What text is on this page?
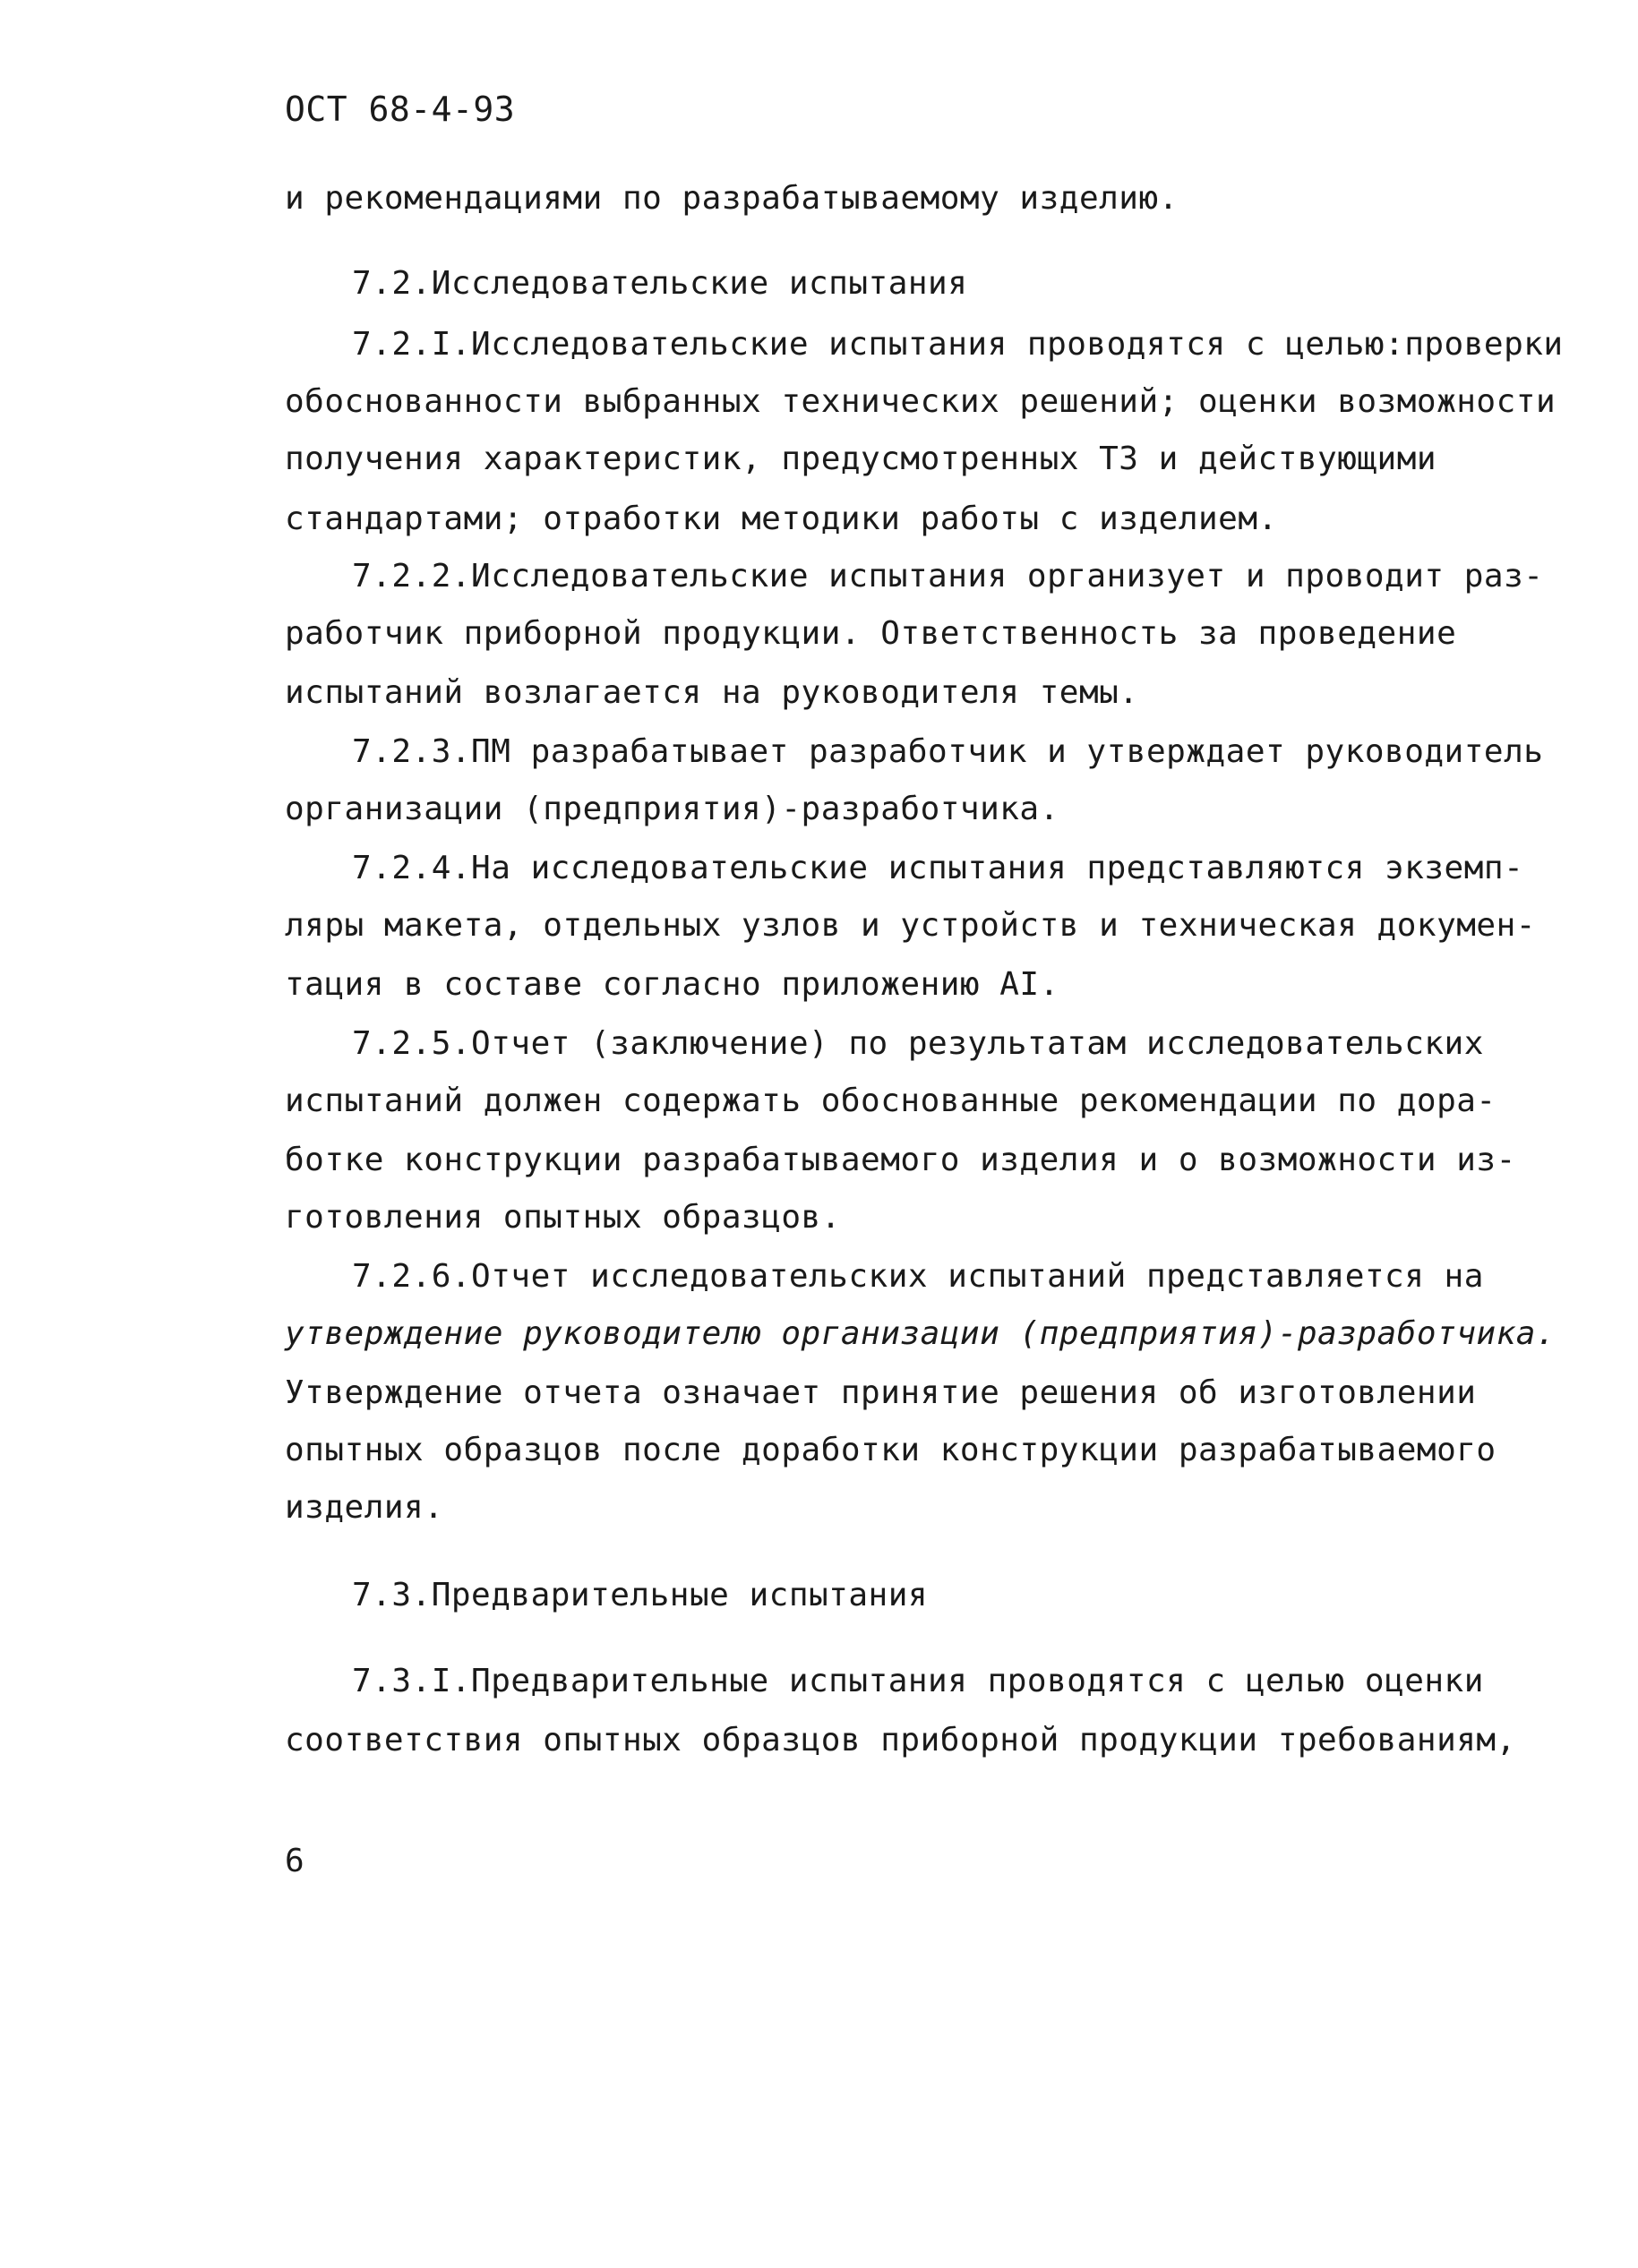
ОСТ 68-4-93
и рекомендациями по разрабатываемому изделию.
7.2.Исследовательские испытания
7.2.I.Исследовательские испытания проводятся с целью:проверки
обоснованности выбранных технических решений; оценки возможности
получения характеристик, предусмотренных ТЗ и действующими
стандартами; отработки методики работы с изделием.
7.2.2.Исследовательские испытания организует и проводит раз-
работчик приборной продукции. Ответственность за проведение
испытаний возлагается на руководителя темы.
7.2.3.ПМ разрабатывает разработчик и утверждает руководитель
организации (предприятия)-разработчика.
7.2.4.На исследовательские испытания представляются экземп-
ляры макета, отдельных узлов и устройств и техническая докумен-
тация в составе согласно приложению АI.
7.2.5.Отчет (заключение) по результатам исследовательских
испытаний должен содержать обоснованные рекомендации по дора-
ботке конструкции разрабатываемого изделия и о возможности из-
готовления опытных образцов.
7.2.6.Отчет исследовательских испытаний представляется на
утверждение руководителю организации (предприятия)-разработчика.
Утверждение отчета означает принятие решения об изготовлении
опытных образцов после доработки конструкции разрабатываемого
изделия.
7.3.Предварительные испытания
7.3.I.Предварительные испытания проводятся с целью оценки
соответствия опытных образцов приборной продукции требованиям,
6
